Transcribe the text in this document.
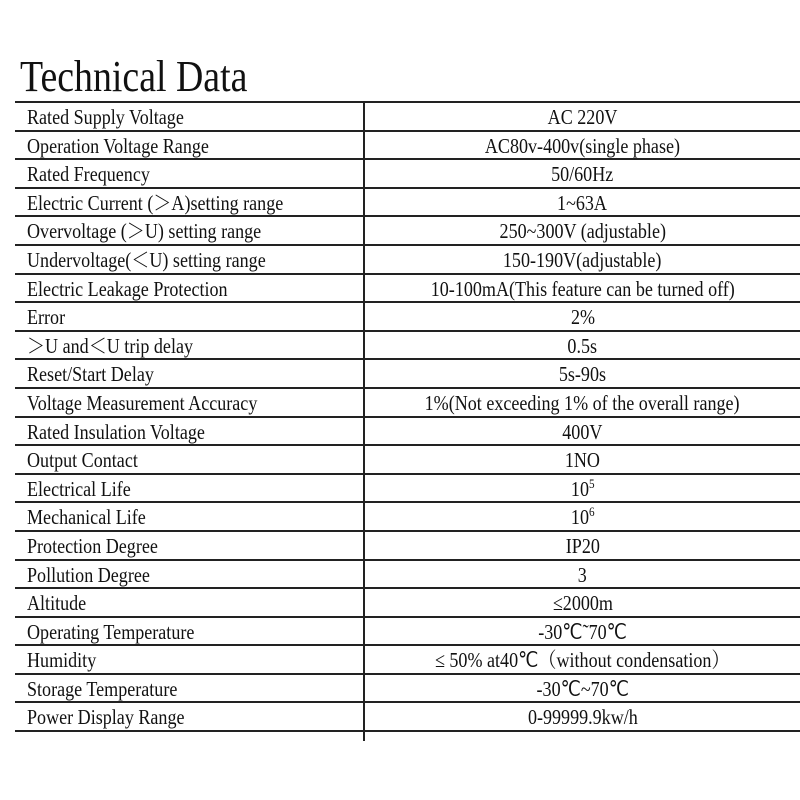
Technical Data
Rated Supply Voltage	AC 220V
Operation Voltage Range	AC80v-400v(single phase)
Rated Frequency	50/60Hz
Electric Current (＞A)setting range	1~63A
Overvoltage (＞U) setting range	250~300V (adjustable)
Undervoltage(＜U) setting range	150-190V(adjustable)
Electric Leakage Protection	10-100mA(This feature can be turned off)
Error	2%
＞U and＜U trip delay	0.5s
Reset/Start Delay	5s-90s
Voltage Measurement Accuracy	1%(Not exceeding 1% of the overall range)
Rated Insulation Voltage	400V
Output Contact	1NO
Electrical Life	$10^5$
Mechanical Life	$10^6$
Protection Degree	IP20
Pollution Degree	3
Altitude	≤2000m
Operating Temperature	-30℃˜70℃
Humidity	≤ 50% at40℃（without condensation）
Storage Temperature	-30℃~70℃
Power Display Range	0-99999.9kw/h
